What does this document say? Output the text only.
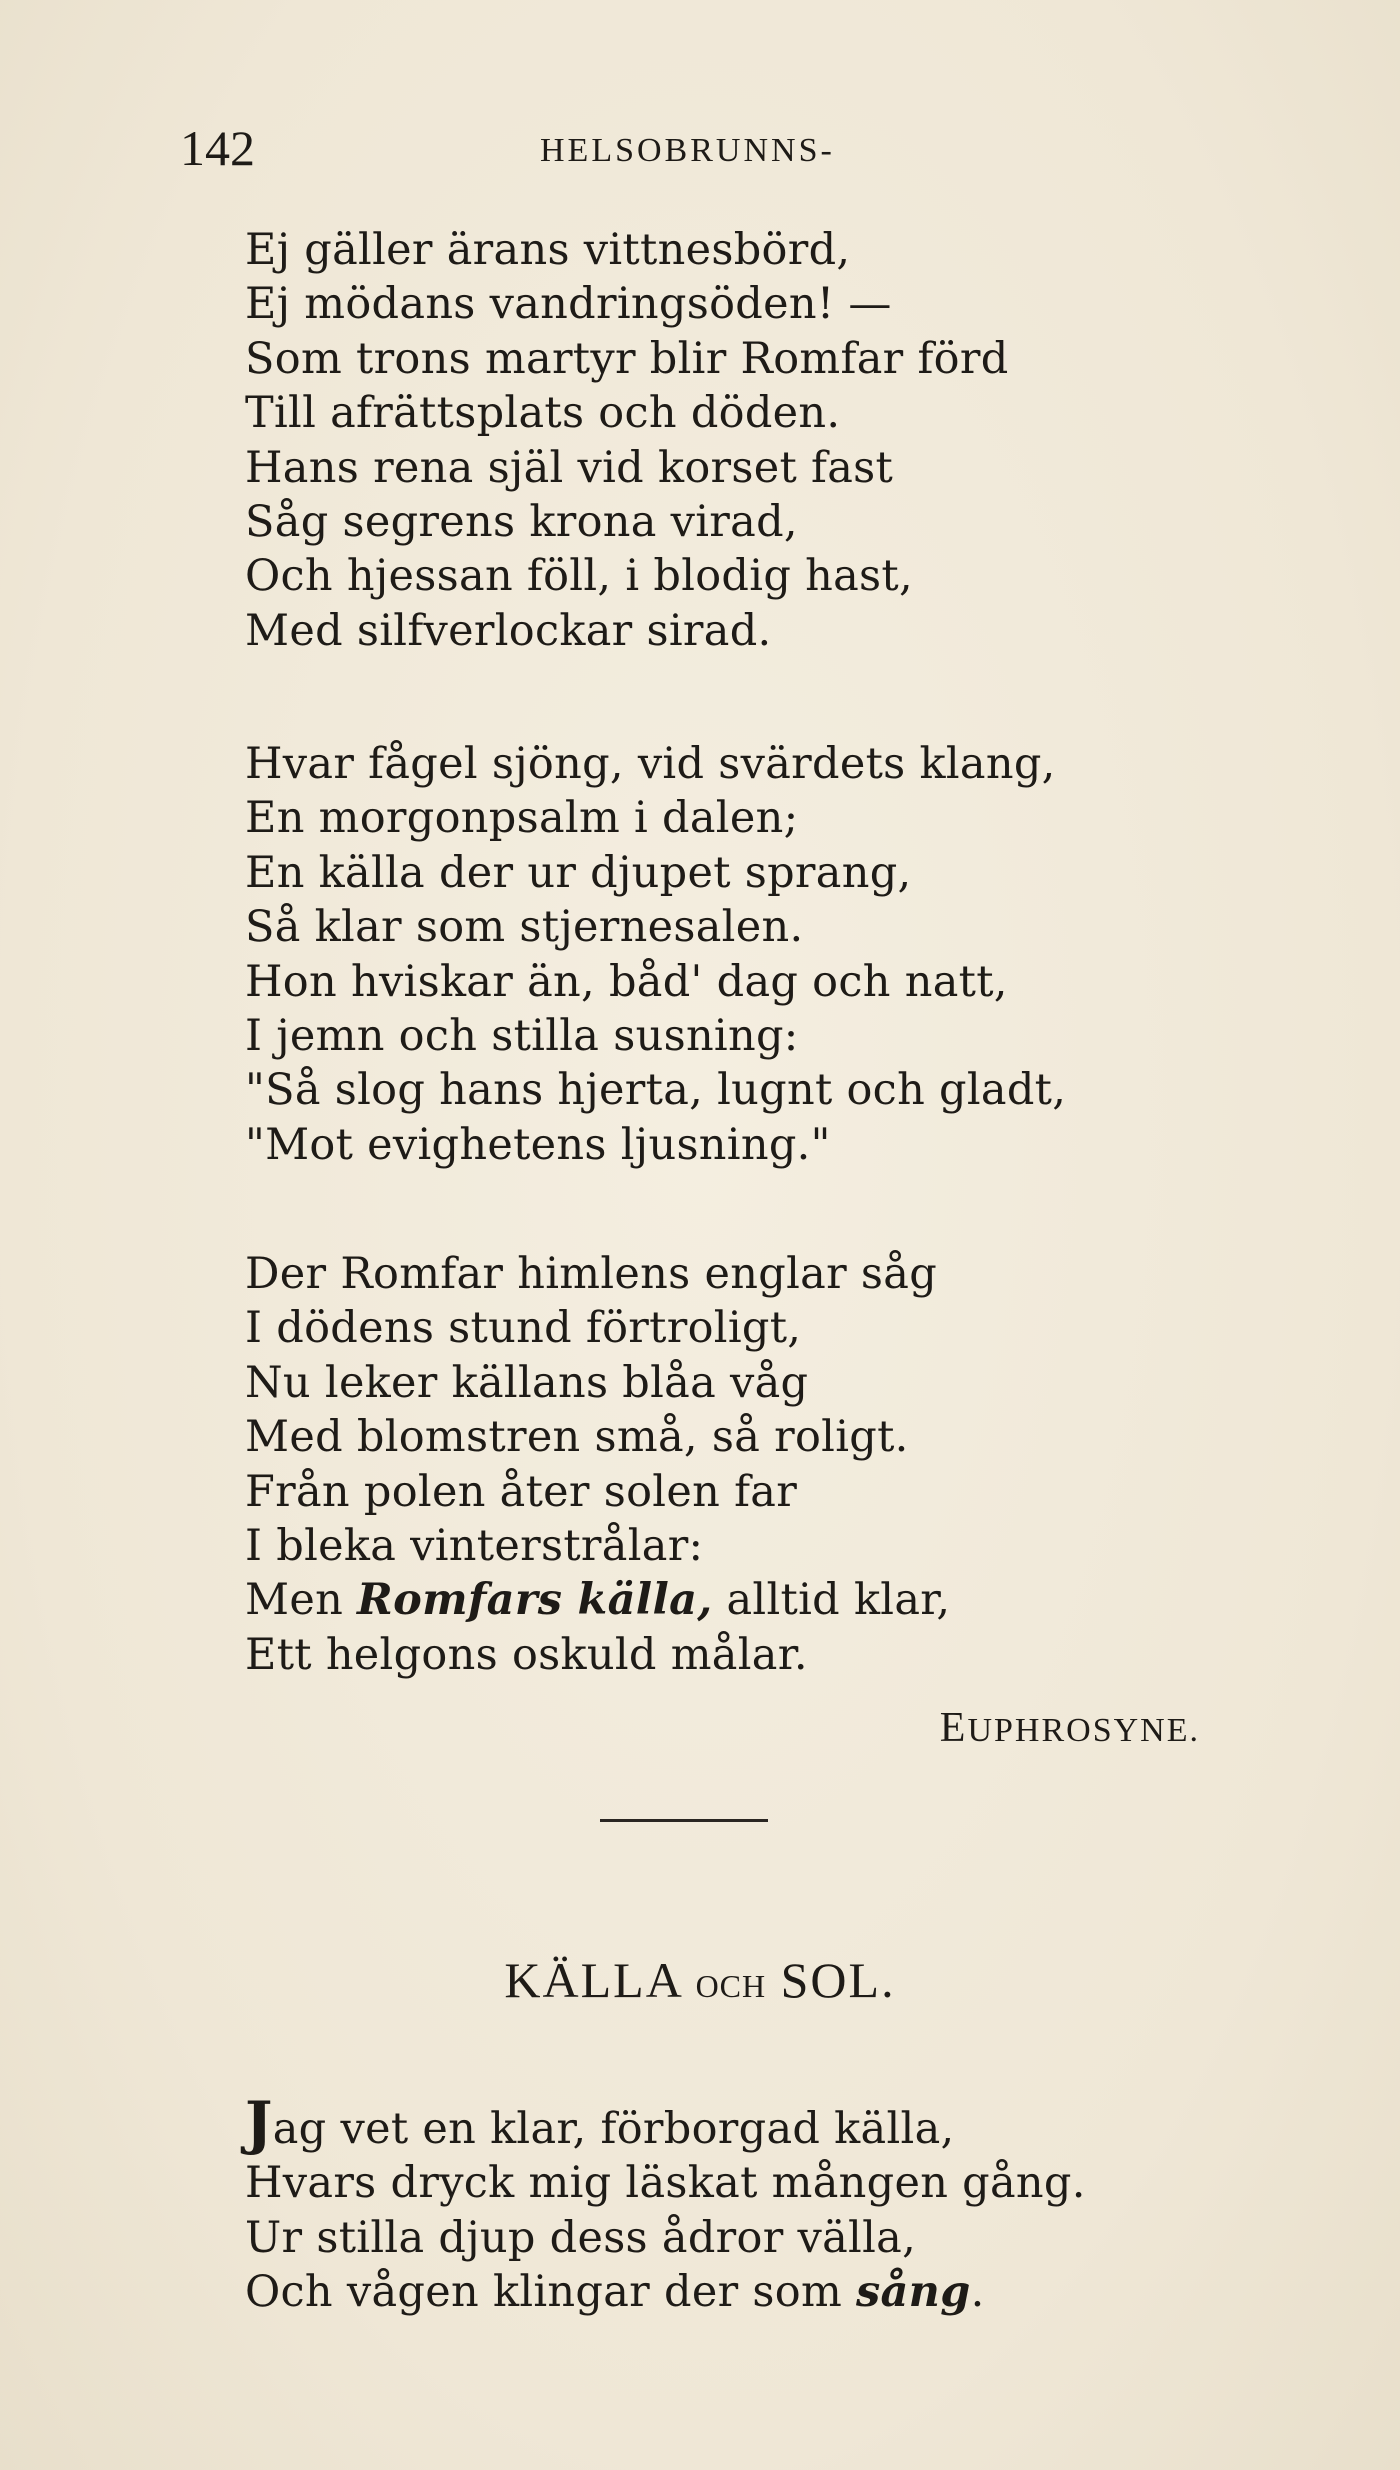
142	HELSOBRUNNS-
Ej gäller ärans vittnesbörd,
Ej mödans vandringsöden! —
Som trons martyr blir Romfar förd
Till afrättsplats och döden.
Hans rena själ vid korset fast
Såg segrens krona virad,
Och hjessan föll, i blodig hast,
Med silfverlockar sirad.
Hvar fågel sjöng, vid svärdets klang,
En morgonpsalm i dalen;
En källa der ur djupet sprang,
Så klar som stjernesalen.
Hon hviskar än, båd' dag och natt,
I jemn och stilla susning:
"Så slog hans hjerta, lugnt och gladt,
"Mot evighetens ljusning."
Der Romfar himlens englar såg
I dödens stund förtroligt,
Nu leker källans blåa våg
Med blomstren små, så roligt.
Från polen åter solen far
I bleka vinterstrålar:
Men Romfars källa, alltid klar,
Ett helgons oskuld målar.
EUPHROSYNE.
KÄLLA OCH SOL.
Jag vet en klar, förborgad källa,
Hvars dryck mig läskat mången gång.
Ur stilla djup dess ådror välla,
Och vågen klingar der som sång.
